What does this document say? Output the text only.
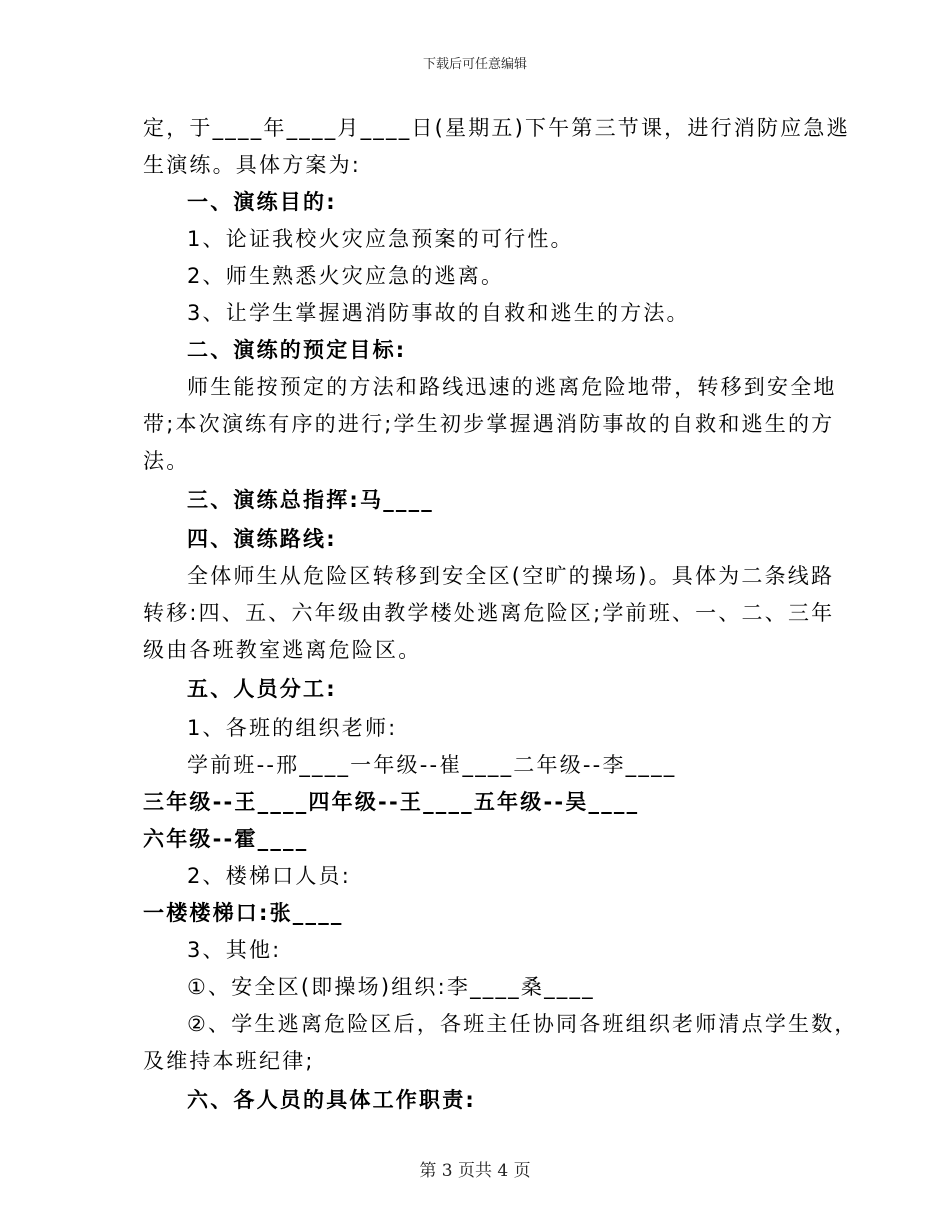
下载后可任意编辑
定，于____年____月____日(星期五)下午第三节课，进行消防应急逃
生演练。具体方案为:
一、演练目的:
1、论证我校火灾应急预案的可行性。
2、师生熟悉火灾应急的逃离。
3、让学生掌握遇消防事故的自救和逃生的方法。
二、演练的预定目标:
师生能按预定的方法和路线迅速的逃离危险地带，转移到安全地
带;本次演练有序的进行;学生初步掌握遇消防事故的自救和逃生的方
法。
三、演练总指挥:马____
四、演练路线:
全体师生从危险区转移到安全区(空旷的操场)。具体为二条线路
转移:四、五、六年级由教学楼处逃离危险区;学前班、一、二、三年
级由各班教室逃离危险区。
五、人员分工:
1、各班的组织老师:
学前班--邢____一年级--崔____二年级--李____
三年级--王____四年级--王____五年级--吴____
六年级--霍____
2、楼梯口人员:
一楼楼梯口:张____
3、其他:
①、安全区(即操场)组织:李____桑____
②、学生逃离危险区后，各班主任协同各班组织老师清点学生数，
及维持本班纪律;
六、各人员的具体工作职责:
第 3 页共 4 页
